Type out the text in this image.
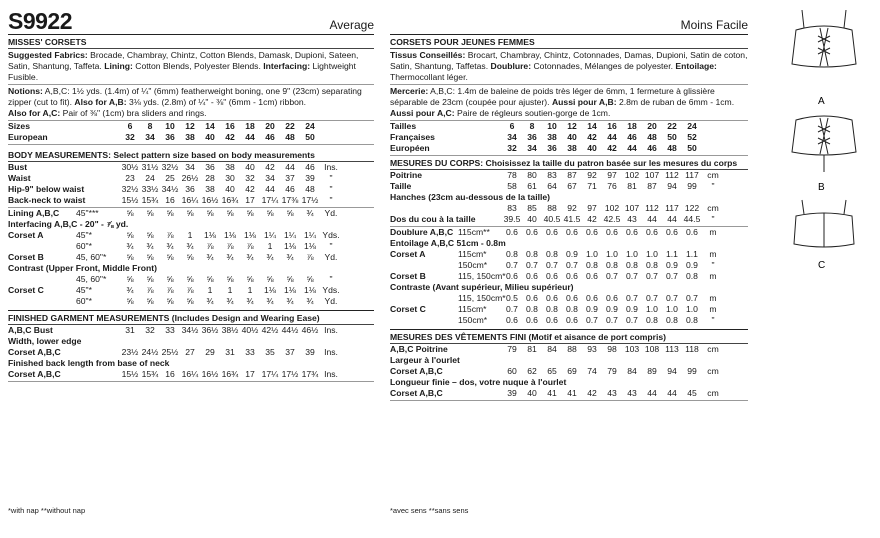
S9922	Average
MISSES' CORSETS
Suggested Fabrics: Brocade, Chambray, Chintz, Cotton Blends, Damask, Dupioni, Sateen, Satin, Shantung, Taffeta. Lining: Cotton Blends, Polyester Blends. Interfacing: Lightweight Fusible.
Notions: A,B,C: 1½ yds. (1.4m) of ¼" (6mm) featherweight boning, one 9" (23cm) separating zipper (cut to fit). Also for A,B: 3⅛ yds. (2.8m) of ¼" - ⅜" (6mm - 1cm) ribbon.
Also for A,C: Pair of ⅜" (1cm) bra sliders and rings.
Sizes	6	8	10	12	14	16	18	20	22	24
European	32	34	36	38	40	42	44	46	48	50
BODY MEASUREMENTS: Select pattern size based on body measurements
Bust	30½ 31½ 32½ 34	36	38	40	42	44	46	Ins.
Waist	23	24	25 26½ 28	30	32	34	37	39	"
Hip-9" below waist	32½ 33½ 34½ 36	38	40	42	44	46	48	"
Back-neck to waist	15½ 15¾ 16 16¼ 16½ 16¾ 17 17¼ 17⅜ 17½	"
Lining A,B,C	45"***	⅝	⅝	⅝	⅝	⅝	⅝	⅝	⅝	⅝	¾	Yd.
Interfacing A,B,C - 20" - ⅞ yd.
Corset A	45"*	⅝	⅝	⅞	1	1⅛ 1⅛ 1⅛ 1¼ 1¼ 1¼ Yds.
60"*	¾	¾	¾	¾	⅞	⅞	⅞	1	1⅛ 1⅛	"
Corset B	45, 60"*	⅝	⅝	⅝	⅝	¾	¾	¾	¾	¾	⅞	Yd.
Contrast (Upper Front, Middle Front)
45, 60"*	⅝	⅝	⅝	⅝	⅝	⅝	⅝	⅝	⅝	⅝	"
Corset C	45"*	¾	⅞	⅞	⅞	1	1	1	1⅛ 1⅛ 1⅛ Yds.
60"*	⅝	⅝	⅝	⅝	¾	¾	¾	¾	¾	¾	Yd.
FINISHED GARMENT MEASUREMENTS (Includes Design and Wearing Ease)
A,B,C Bust	31	32	33 34½ 36½ 38½ 40½ 42½ 44½ 46½ Ins.
Width, lower edge
Corset A,B,C	23½ 24½ 25½ 27	29	31	33	35	37	39	Ins.
Finished back length from base of neck
Corset A,B,C	15½ 15¾ 16 16¼ 16½ 16¾ 17 17¼ 17½ 17¾ Ins.
*with nap **without nap
Moins Facile
CORSETS POUR JEUNES FEMMES
Tissus Conseillés: Brocart, Chambray, Chintz, Cotonnades, Damas, Dupioni, Satin de coton, Satin, Shantung, Taffetas. Doublure: Cotonnades, Mélanges de polyester. Entoilage: Thermocollant léger.
Mercerie: A,B,C: 1.4m de baleine de poids très léger de 6mm, 1 fermeture à glissière séparable de 23cm (coupée pour ajuster). Aussi pour A,B: 2.8m de ruban de 6mm - 1cm. Aussi pour A,C: Paire de régleurs soutien-gorge de 1cm.
Tailles	6	8	10	12	14	16	18	20	22	24
Françaises	34	36	38	40	42	44	46	48	50	52
Européen	32	34	36	38	40	42	44	46	48	50
MESURES DU CORPS: Choisissez la taille du patron basée sur les mesures du corps
Poitrine	78	80	83	87	92	97 102 107 112 117 cm
Taille	58	61	64	67	71	76	81	87	94	99	"
Hanches (23cm au-dessous de la taille)
83	85	88	92	97 102 107 112 117 122 cm
Dos du cou à la taille	39.5 40 40.5 41.5 42 42.5 43	44	44 44.5	"
Doublure A,B,C 115cm**	0.6 0.6 0.6 0.6 0.6 0.6 0.6 0.6 0.6 0.6	m
Entoilage A,B,C 51cm - 0.8m
Corset A	115cm*	0.8 0.8 0.8 0.9 1.0 1.0 1.0 1.0 1.1 1.1	m
150cm*	0.7 0.7 0.7 0.7 0.8 0.8 0.8 0.8 0.9 0.9	"
Corset B	115, 150cm* 0.6 0.6 0.6 0.6 0.6 0.7 0.7 0.7 0.7 0.8	m
Contraste (Avant supérieur, Milieu supérieur)
115, 150cm* 0.5 0.6 0.6 0.6 0.6 0.6 0.7 0.7 0.7 0.7	m
Corset C	115cm*	0.7 0.8 0.8 0.8 0.9 0.9 0.9 1.0 1.0 1.0	m
150cm*	0.6 0.6 0.6 0.6 0.7 0.7 0.7 0.8 0.8 0.8	"
MESURES DES VÊTEMENTS FINI (Motif et aisance de port compris)
A,B,C Poitrine	79	81	84	88	93	98 103 108 113 118 cm
Largeur à l'ourlet
Corset A,B,C	60	62	65	69	74	79	84	89	94	99	cm
Longueur finie – dos, votre nuque à l'ourlet
Corset A,B,C	39	40	41	41	42	43	43	44	44	45	cm
*avec sens **sans sens
A
B
C
